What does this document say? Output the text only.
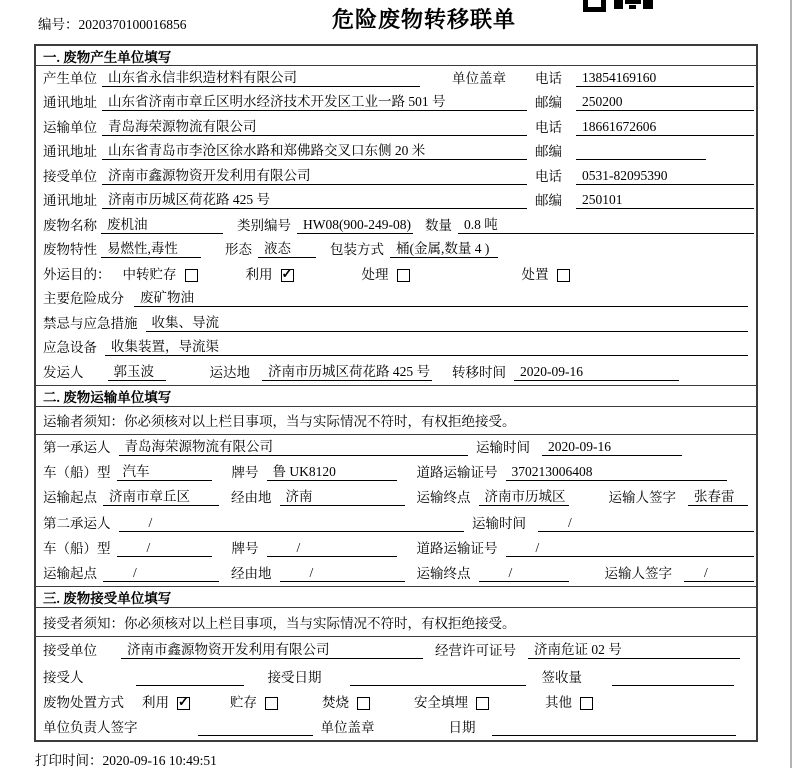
编号：2020370100016856	危险废物转移联单
一. 废物产生单位填写
产生单位 山东省永信非织造材料有限公司	单位盖章 电话	13854169160
通讯地址 山东省济南市章丘区明水经济技术开发区工业一路 501 号	邮编	250200
运输单位 青岛海荣源物流有限公司	电话	18661672606
通讯地址 山东省青岛市李沧区徐水路和郑佛路交叉口东侧 20 米	邮编
接受单位 济南市鑫源物资开发利用有限公司	电话	0531-82095390
通讯地址 济南市历城区荷花路 425 号	邮编	250101
废物名称 废机油	类别编号 HW08(900-249-08) 数量 0.8 吨
废物特性 易燃性,毒性	形态 液态	包装方式 桶(金属,数量 4 )
外运目的： 中转贮存	利用 ✓	处理	处置
主要危险成分	废矿物油
禁忌与应急措施	收集、导流
应急设备	收集装置，导流渠
发运人	郭玉波	运达地	济南市历城区荷花路 425 号 转移时间	2020-09-16
二. 废物运输单位填写
运输者须知： 你必须核对以上栏目事项，当与实际情况不符时，有权拒绝接受。
第一承运人	青岛海荣源物流有限公司	运输时间	2020-09-16
车（船）型 汽车	牌号	鲁 UK8120	道路运输证号	370213006408
运输起点 济南市章丘区	经由地	济南	运输终点	济南市历城区	运输人签字	张春雷
第二承运人	/	运输时间	/
车（船）型	/	牌号	/	道路运输证号	/
运输起点	/	经由地	/	运输终点	/	运输人签字	/
三. 废物接受单位填写
接受者须知： 你必须核对以上栏目事项，当与实际情况不符时，有权拒绝接受。
接受单位	济南市鑫源物资开发利用有限公司	经营许可证号	济南危证 02 号
接受人	接受日期	签收量
废物处置方式 利用 ✓	贮存	焚烧	安全填埋	其他
单位负责人签字	单位盖章	日期
打印时间：2020-09-16 10:49:51
